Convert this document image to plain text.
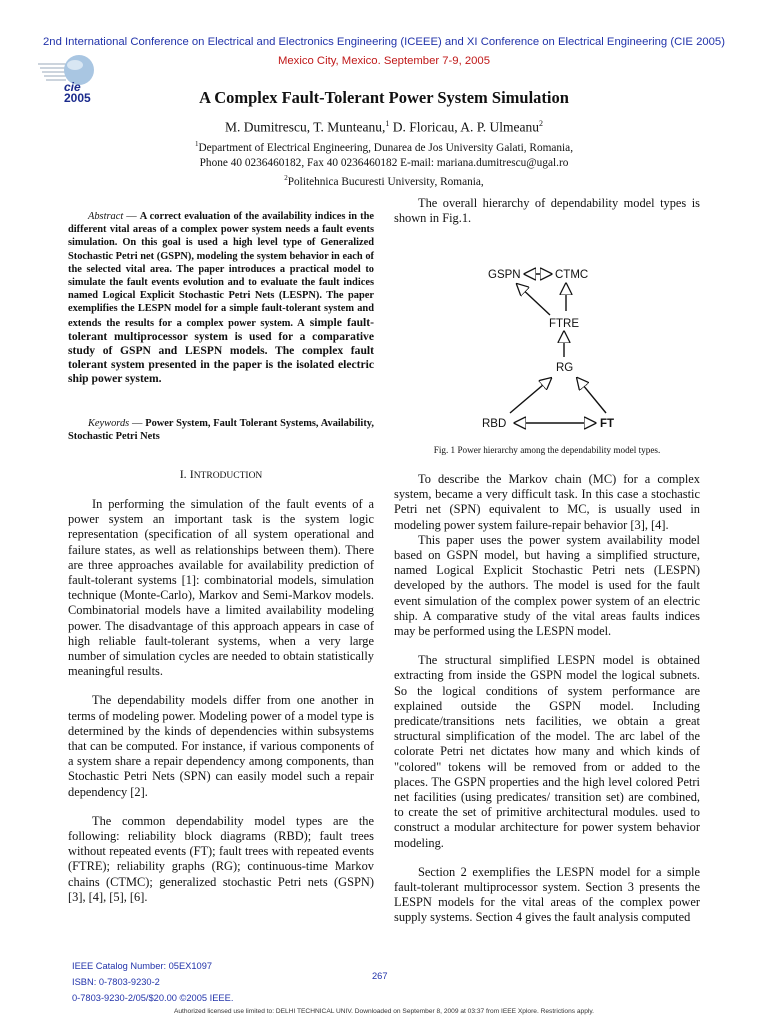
2nd International Conference on Electrical and Electronics Engineering (ICEEE) and XI Conference on Electrical Engineering (CIE 2005)
Mexico City, Mexico. September 7-9, 2005
cie
2005	A Complex Fault-Tolerant Power System Simulation
M. Dumitrescu, T. Munteanu,$^1$ D. Floricau, A. P. Ulmeanu$^2$
$^1$Department of Electrical Engineering, Dunarea de Jos University Galati, Romania,
Phone 40 0236460182, Fax 40 0236460182 E-mail: mariana.dumitrescu@ugal.ro
$^2$Politehnica Bucuresti University, Romania,
Abstract — A correct evaluation of the availability indices in the different vital areas of a complex power system needs a fault events simulation. On this goal is used a high level type of Generalized Stochastic Petri net (GSPN), modeling the system behavior in each of the selected vital area. The paper introduces a practical model to simulate the fault events evolution and to evaluate the fault indices named Logical Explicit Stochastic Petri Nets (LESPN). The paper exemplifies the LESPN model for a simple fault-tolerant system and extends the results for a complex power system. A simple fault-tolerant multiprocessor system is used for a comparative study of GSPN and LESPN models. The complex fault tolerant system presented in the paper is the isolated electric ship power system.
Keywords — Power System, Fault Tolerant Systems, Availability, Stochastic Petri Nets
I. INTRODUCTION

In performing the simulation of the fault events of a power system an important task is the system logic representation (specification of all system operational and failure states, as well as relationships between them). There are three approaches available for availability prediction of fault-tolerant systems [1]: combinatorial models, simulation technique (Monte-Carlo), Markov and Semi-Markov models. Combinatorial models have a limited availability modeling power. The disadvantage of this approach appears in case of high reliable fault-tolerant systems, when a very large number of simulation cycles are needed to obtain statistically meaningful results.

The dependability models differ from one another in terms of modeling power. Modeling power of a model type is determined by the kinds of dependencies within subsystems that can be computed. For instance, if various components of a system share a repair dependency among components, than Stochastic Petri Nets (SPN) can easily model such a repair dependency [2].

The common dependability model types are the following: reliability block diagrams (RBD); fault trees without repeated events (FT); fault trees with repeated events (FTRE); reliability graphs (RG); continuous-time Markov chains (CTMC); generalized stochastic Petri nets (GSPN) [3], [4], [5], [6].

The overall hierarchy of dependability model types is shown in Fig.1.

GSPN	CTMC
FTRE
RG
RBD	FT
Fig. 1 Power hierarchy among the dependability model types.

To describe the Markov chain (MC) for a complex system, became a very difficult task. In this case a stochastic Petri net (SPN) equivalent to MC, is usually used in modeling power system failure-repair behavior [3], [4].

This paper uses the power system availability model based on GSPN model, but having a simplified structure, named Logical Explicit Stochastic Petri nets (LESPN) developed by the authors. The model is used for the fault event simulation of the complex power system of an electric ship. A comparative study of the vital areas faults indices may be performed using the LESPN model.

The structural simplified LESPN model is obtained extracting from inside the GSPN model the logical subnets. So the logical conditions of system performance are explained outside the GSPN model. Including predicate/transitions nets facilities, we obtain a great structural simplification of the model. The arc label of the colorate Petri net dictates how many and which kinds of "colored" tokens will be removed from or added to the places. The GSPN properties and the high level colored Petri net facilities (using predicates/ transition set) are combined, to create the set of primitive architectural modules. used to construct a modular architecture for power system behavior modeling.

Section 2 exemplifies the LESPN model for a simple fault-tolerant multiprocessor system. Section 3 presents the LESPN models for the vital areas of the complex power supply systems. Section 4 gives the fault analysis computed

IEEE Catalog Number: 05EX1097
ISBN: 0-7803-9230-2
0-7803-9230-2/05/$20.00 ©2005 IEEE.
267
Authorized licensed use limited to: DELHI TECHNICAL UNIV. Downloaded on September 8, 2009 at 03:37 from IEEE Xplore. Restrictions apply.
